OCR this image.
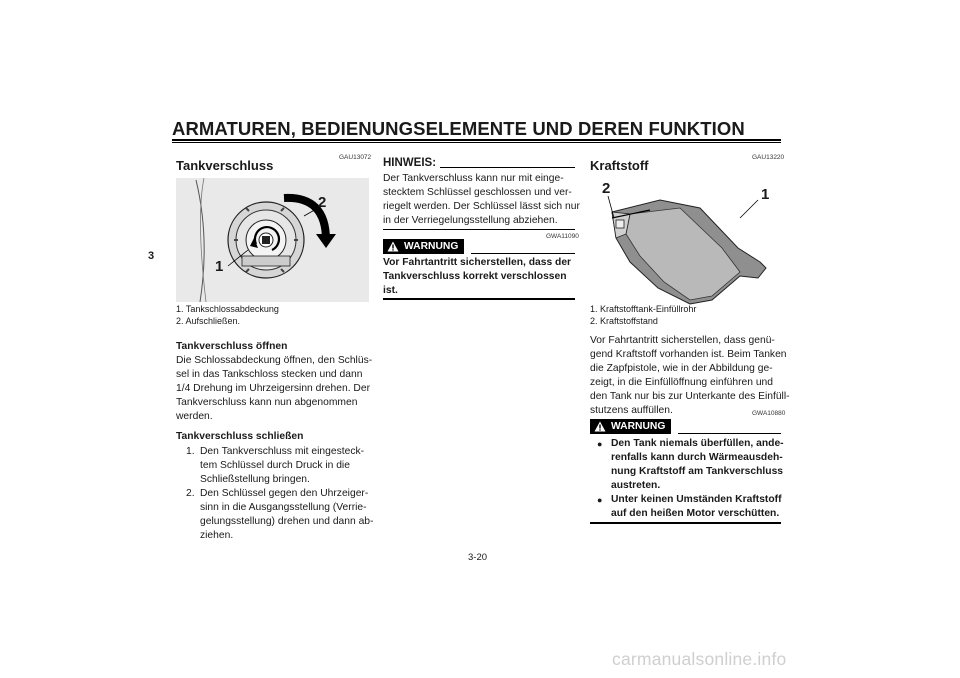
ARMATUREN, BEDIENUNGSELEMENTE UND DEREN FUNKTION
3
GAU13072
Tankverschluss
1
2
1. Tankschlossabdeckung
2. Aufschließen.
Tankverschluss öffnen
Die Schlossabdeckung öffnen, den Schlüs-
sel in das Tankschloss stecken und dann
1/4 Drehung im Uhrzeigersinn drehen. Der
Tankverschluss kann nun abgenommen
werden.
Tankverschluss schließen
1. Den Tankverschluss mit eingesteck-
tem Schlüssel durch Druck in die
Schließstellung bringen.
2. Den Schlüssel gegen den Uhrzeiger-
sinn in die Ausgangsstellung (Verrie-
gelungsstellung) drehen und dann ab-
ziehen.
HINWEIS:
Der Tankverschluss kann nur mit einge-
stecktem Schlüssel geschlossen und ver-
riegelt werden. Der Schlüssel lässt sich nur
in der Verriegelungsstellung abziehen.
GWA11090
WARNUNG
Vor Fahrtantritt sicherstellen, dass der
Tankverschluss korrekt verschlossen
ist.
GAU13220
Kraftstoff
2	1
1. Kraftstofftank-Einfüllrohr
2. Kraftstoffstand
Vor Fahrtantritt sicherstellen, dass genü-
gend Kraftstoff vorhanden ist. Beim Tanken
die Zapfpistole, wie in der Abbildung ge-
zeigt, in die Einfüllöffnung einführen und
den Tank nur bis zur Unterkante des Einfüll-
stutzens auffüllen.	GWA10880
WARNUNG
● Den Tank niemals überfüllen, ande-
renfalls kann durch Wärmeausdeh-
nung Kraftstoff am Tankverschluss
austreten.
● Unter keinen Umständen Kraftstoff
auf den heißen Motor verschütten.
3-20
carmanualsonline.info
